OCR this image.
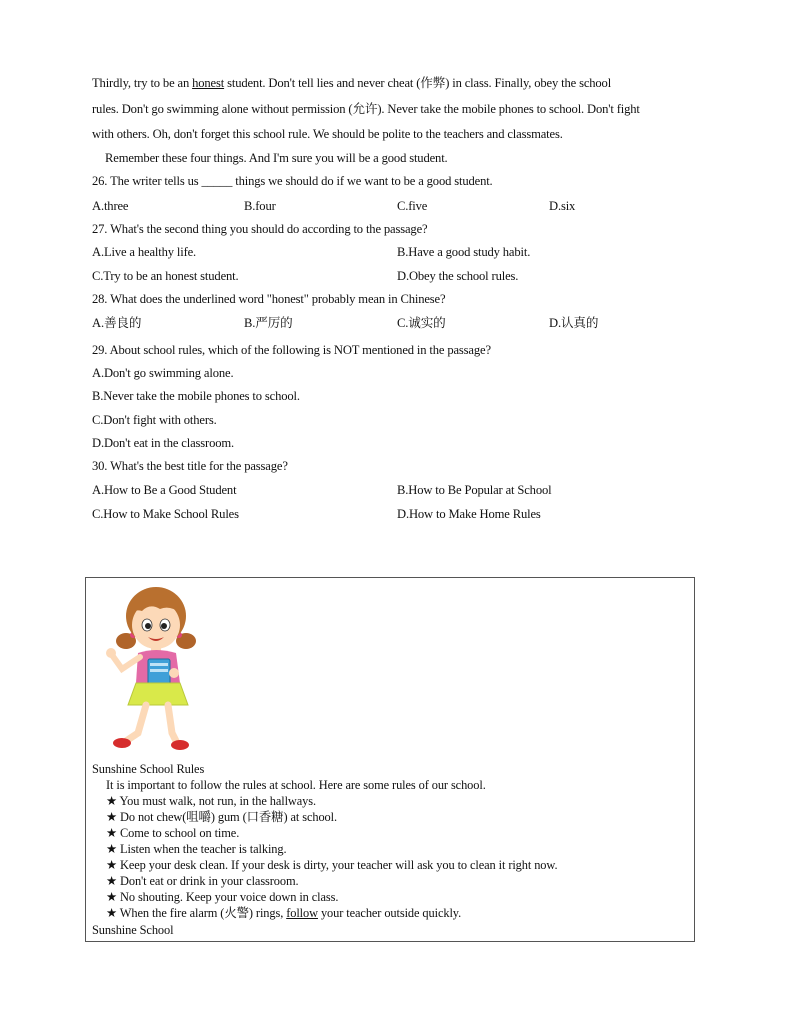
Thirdly, try to be an honest student. Don't tell lies and never cheat (作弊) in class. Finally, obey the school
rules. Don't go swimming alone without permission (允许). Never take the mobile phones to school. Don't fight
with others. Oh, don't forget this school rule. We should be polite to the teachers and classmates.
Remember these four things. And I'm sure you will be a good student.
26. The writer tells us _____ things we should do if we want to be a good student.
A.three	B.four	C.five	D.six
27. What's the second thing you should do according to the passage?
A.Live a healthy life.	B.Have a good study habit.
C.Try to be an honest student.	D.Obey the school rules.
28. What does the underlined word "honest" probably mean in Chinese?
A.善良的	B.严厉的	C.诚实的	D.认真的
29. About school rules, which of the following is NOT mentioned in the passage?
A.Don't go swimming alone.
B.Never take the mobile phones to school.
C.Don't fight with others.
D.Don't eat in the classroom.
30. What's the best title for the passage?
A.How to Be a Good Student	B.How to Be Popular at School
C.How to Make School Rules	D.How to Make Home Rules
Sunshine School Rules
It is important to follow the rules at school. Here are some rules of our school.
★ You must walk, not run, in the hallways.
★ Do not chew(咀嚼) gum (口香糖) at school.
★ Come to school on time.
★ Listen when the teacher is talking.
★ Keep your desk clean. If your desk is dirty, your teacher will ask you to clean it right now.
★ Don't eat or drink in your classroom.
★ No shouting. Keep your voice down in class.
★ When the fire alarm (火警) rings, follow your teacher outside quickly.
Sunshine School
